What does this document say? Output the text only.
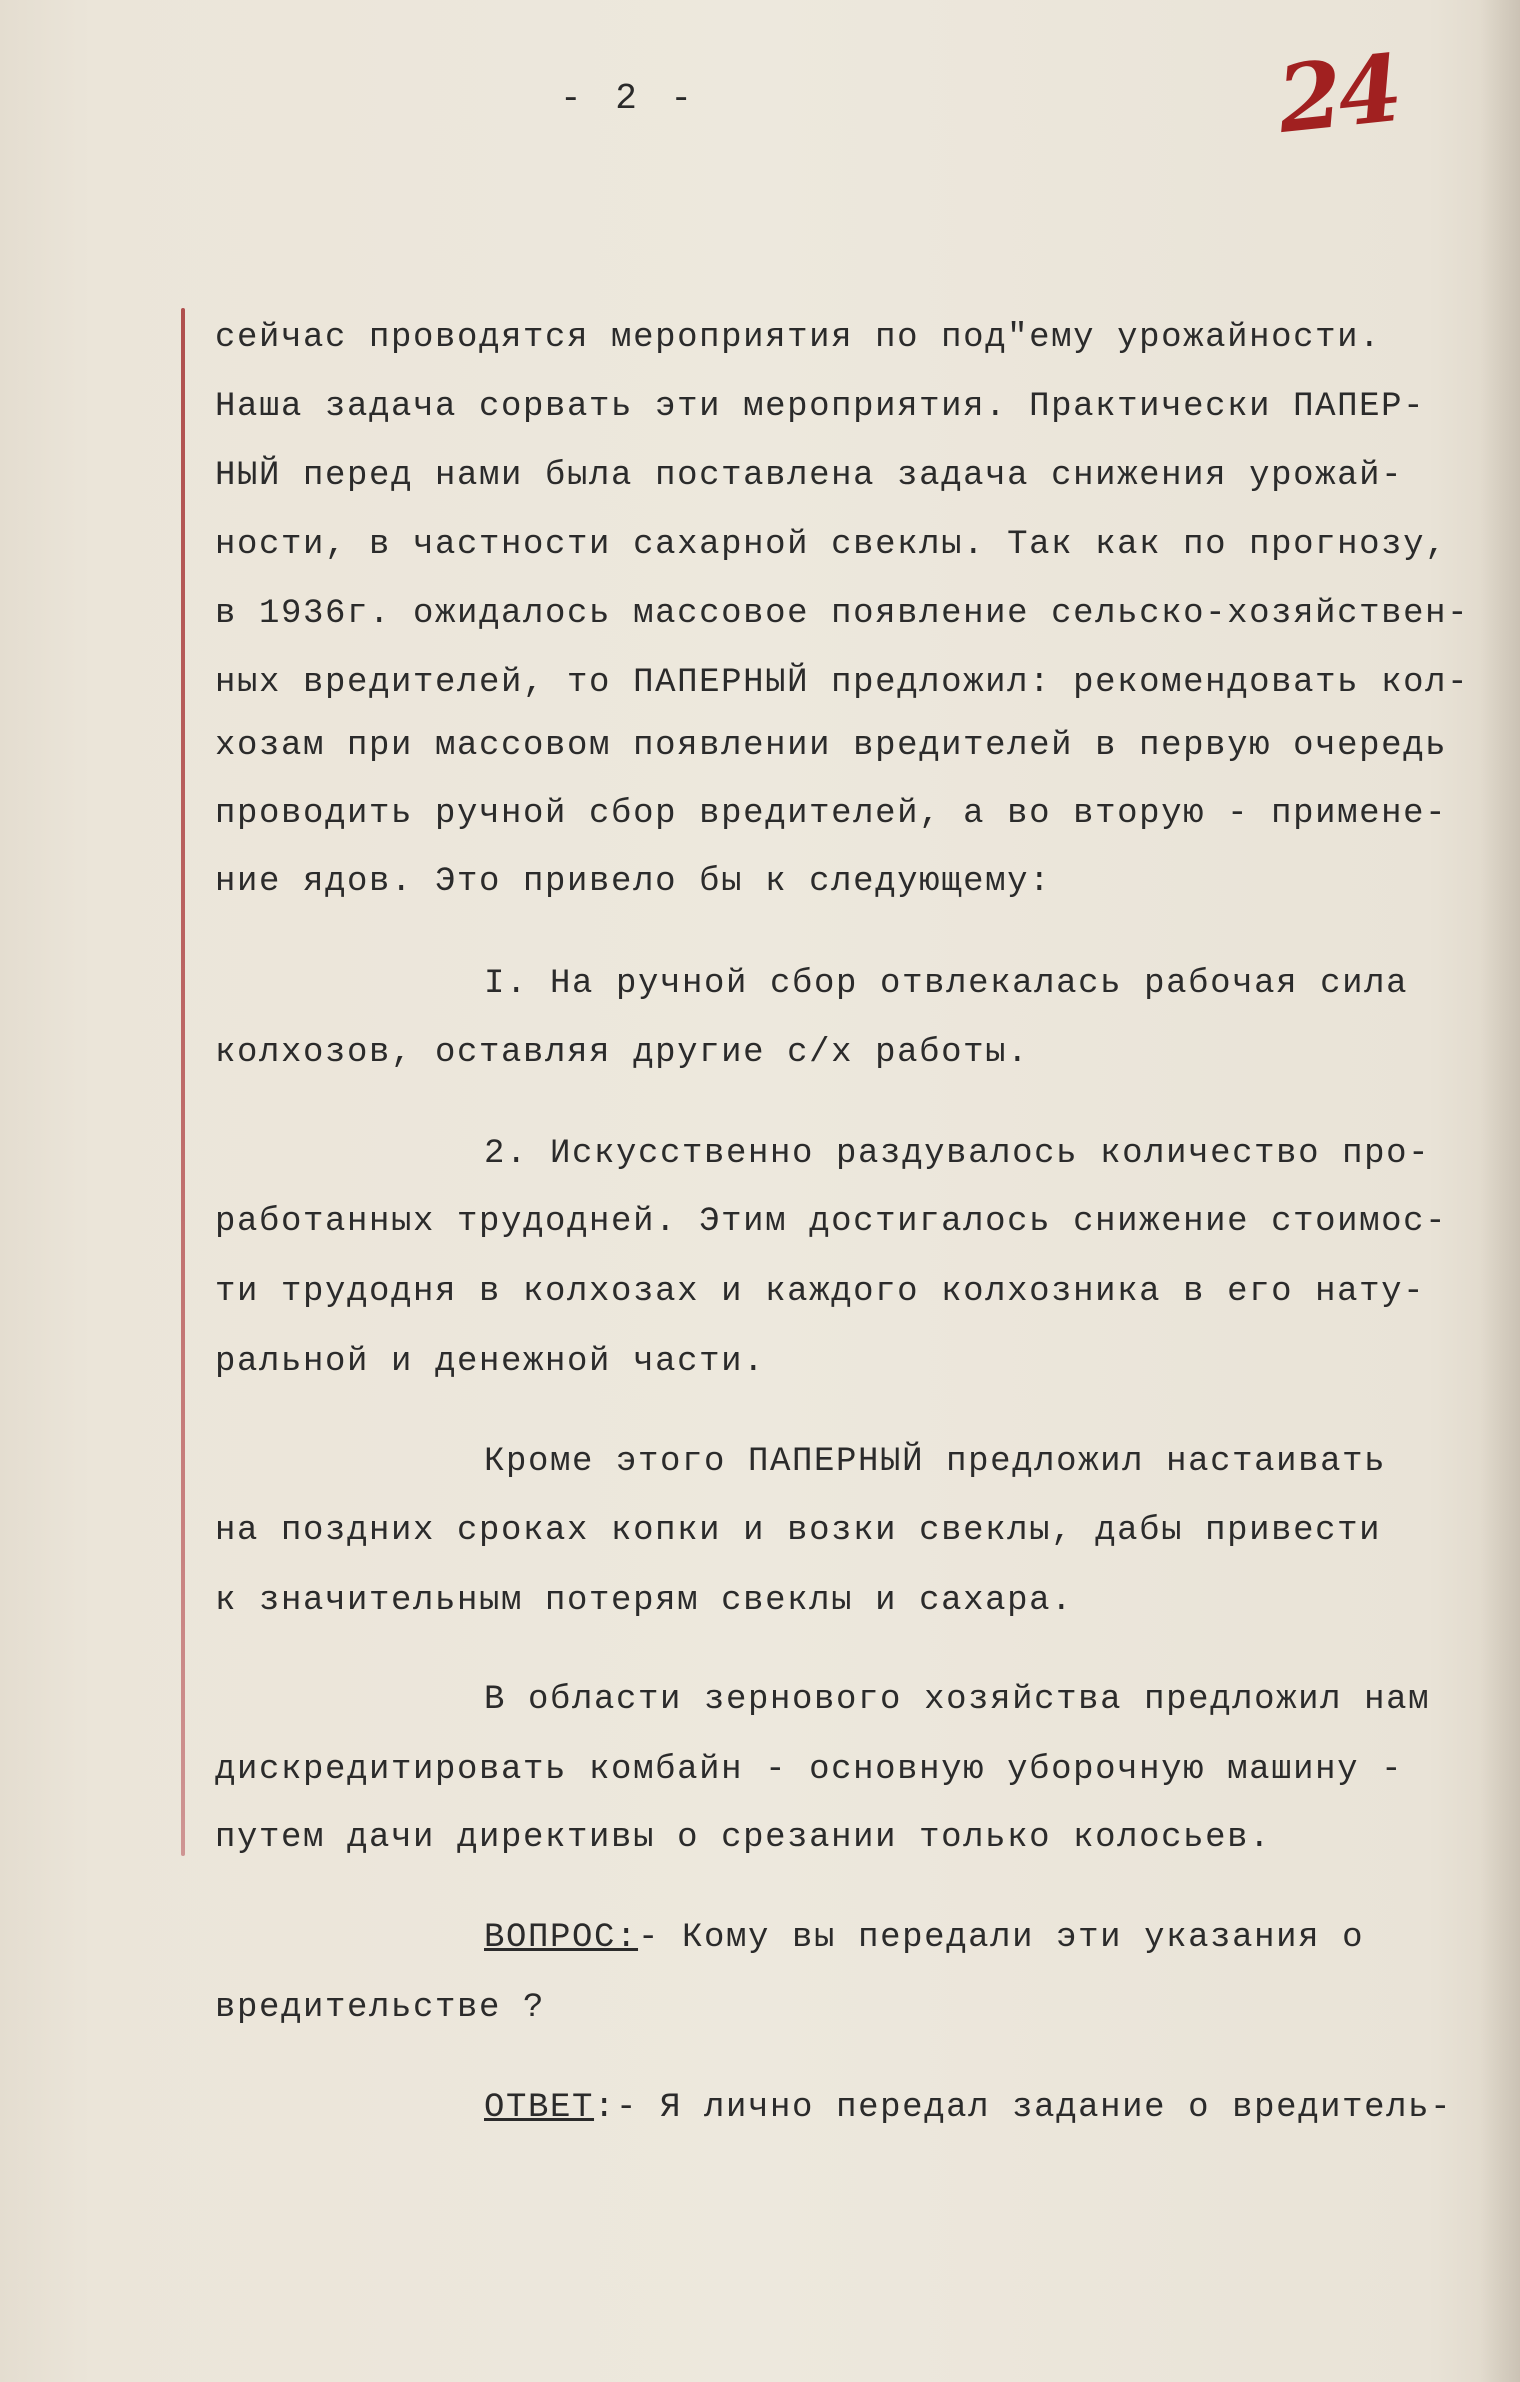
- 2 -	24
сейчас проводятся мероприятия по под"ему урожайности.
Наша задача сорвать эти мероприятия. Практически ПАПЕР-
НЫЙ перед нами была поставлена задача снижения урожай-
ности, в частности сахарной свеклы. Так как по прогнозу,
в 1936г. ожидалось массовое появление сельско-хозяйствен-
ных вредителей, то ПАПЕРНЫЙ предложил: рекомендовать кол-
хозам при массовом появлении вредителей в первую очередь
проводить ручной сбор вредителей, а во вторую - примене-
ние ядов. Это привело бы к следующему:
I. На ручной сбор отвлекалась рабочая сила
колхозов, оставляя другие с/х работы.
2. Искусственно раздувалось количество про-
работанных трудодней. Этим достигалось снижение стоимос-
ти трудодня в колхозах и каждого колхозника в его нату-
ральной и денежной части.
Кроме этого ПАПЕРНЫЙ предложил настаивать
на поздних сроках копки и возки свеклы, дабы привести
к значительным потерям свеклы и сахара.
В области зернового хозяйства предложил нам
дискредитировать комбайн - основную уборочную машину -
путем дачи директивы о срезании только колосьев.
ВОПРОС:- Кому вы передали эти указания о
вредительстве ?
ОТВЕТ:- Я лично передал задание о вредитель-
